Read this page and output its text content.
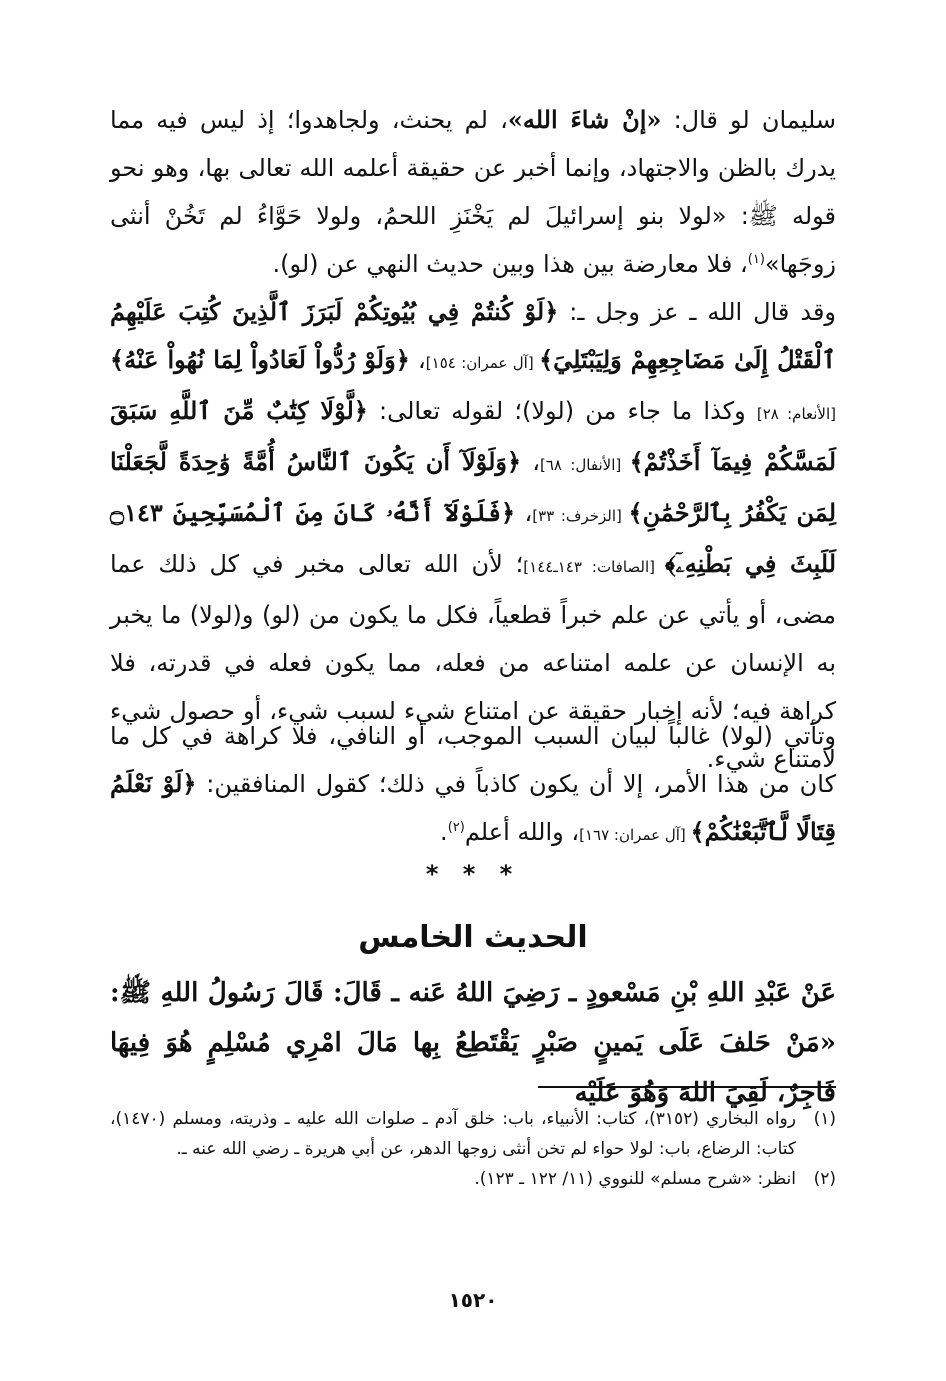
سليمان لو قال: «إنْ شاءَ الله»، لم يحنث، ولجاهدوا؛ إذ ليس فيه مما يدرك بالظن والاجتهاد، وإنما أخبر عن حقيقة أعلمه الله تعالى بها، وهو نحو قوله ﷺ: «لولا بنو إسرائيلَ لم يَخْنَزِ اللحمُ، ولولا حَوَّاءُ لم تَخُنْ أنثى زوجَها»$^{(١)}$، فلا معارضة بين هذا وبين حديث النهي عن (لو).

وقد قال الله ـ عز وجل ـ: ﴿لَوْ كُنتُمْ فِي بُيُوتِكُمْ لَبَرَزَ ٱلَّذِينَ كُتِبَ عَلَيْهِمُ ٱلْقَتْلُ إِلَىٰ مَضَاجِعِهِمْ وَلِيَبْتَلِيَ﴾ [آل عمران: ١٥٤]، ﴿وَلَوْ رُدُّواْ لَعَادُواْ لِمَا نُهُواْ عَنْهُ﴾ [الأنعام: ٢٨] وكذا ما جاء من (لولا)؛ لقوله تعالى: ﴿لَّوْلَا كِتَٰبٌ مِّنَ ٱللَّهِ سَبَقَ لَمَسَّكُمْ فِيمَآ أَخَذْتُمْ﴾ [الأنفال: ٦٨]، ﴿وَلَوْلَآ أَن يَكُونَ ٱلنَّاسُ أُمَّةً وَٰحِدَةً لَّجَعَلْنَا لِمَن يَكْفُرُ بِٱلرَّحْمَٰنِ﴾ [الزخرف: ٣٣]، ﴿فَلَوْلَآ أَنَّهُۥ كَانَ مِنَ ٱلْمُسَبِّحِينَ ۝١٤٣ لَلَبِثَ فِي بَطْنِهِۦٓ﴾ [الصافات: ١٤٣ـ١٤٤]؛ لأن الله تعالى مخبر في كل ذلك عما مضى، أو يأتي عن علم خبراً قطعياً، فكل ما يكون من (لو) و(لولا) ما يخبر به الإنسان عن علمه امتناعه من فعله، مما يكون فعله في قدرته، فلا كراهة فيه؛ لأنه إخبار حقيقة عن امتناع شيء لسبب شيء، أو حصول شيء لامتناع شيء.

وتأتي (لولا) غالباً لبيان السبب الموجب، أو النافي، فلا كراهة في كل ما كان من هذا الأمر، إلا أن يكون كاذباً في ذلك؛ كقول المنافقين: ﴿لَوْ نَعْلَمُ قِتَالًا لَّٱتَّبَعْنَٰكُمْ﴾ [آل عمران: ١٦٧]، والله أعلم$^{(٢)}$.

* * *
الحديث الخامس

عَنْ عَبْدِ اللهِ بْنِ مَسْعودٍ ـ رَضِيَ اللهُ عَنه ـ قَالَ: قَالَ رَسُولُ اللهِ ﷺ: «مَنْ حَلفَ عَلَى يَمينٍ صَبْرٍ يَقْتَطِعُ بِها مَالَ امْرِي مُسْلِمٍ هُوَ فِيهَا فَاجِرٌ، لَقِيَ اللهَ وَهُوَ عَلَيْه

(١)
رواه البخاري (٣١٥٢)، كتاب: الأنبياء، باب: خلق آدم ـ صلوات الله عليه ـ وذريته، ومسلم (١٤٧٠)، كتاب: الرضاع، باب: لولا حواء لم تخن أنثى زوجها الدهر، عن أبي هريرة ـ رضي الله عنه ـ.
(٢)
انظر: «شرح مسلم» للنووي (١١/ ١٢٢ ـ ١٢٣).
١٥٢٠
